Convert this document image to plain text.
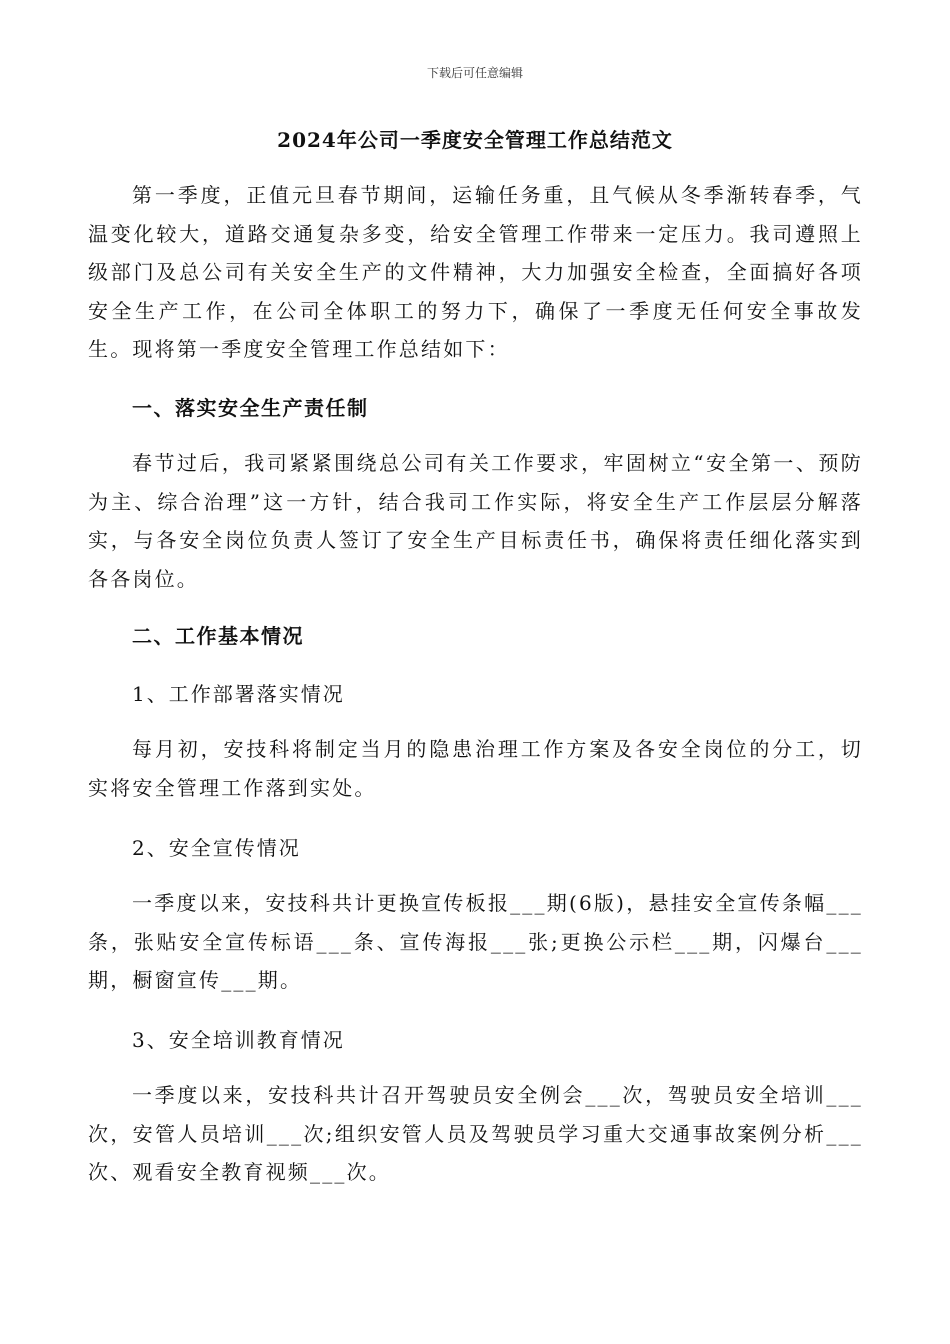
下载后可任意编辑
2024年公司一季度安全管理工作总结范文

第一季度，正值元旦春节期间，运输任务重，且气候从冬季渐转春季，气温变化较大，道路交通复杂多变，给安全管理工作带来一定压力。我司遵照上级部门及总公司有关安全生产的文件精神，大力加强安全检查，全面搞好各项安全生产工作，在公司全体职工的努力下，确保了一季度无任何安全事故发生。现将第一季度安全管理工作总结如下：

一、落实安全生产责任制

春节过后，我司紧紧围绕总公司有关工作要求，牢固树立“安全第一、预防为主、综合治理”这一方针，结合我司工作实际，将安全生产工作层层分解落实，与各安全岗位负责人签订了安全生产目标责任书，确保将责任细化落实到各各岗位。

二、工作基本情况

1、工作部署落实情况

每月初，安技科将制定当月的隐患治理工作方案及各安全岗位的分工，切实将安全管理工作落到实处。

2、安全宣传情况

一季度以来，安技科共计更换宣传板报___期(6版)，悬挂安全宣传条幅___条，张贴安全宣传标语___条、宣传海报___张;更换公示栏___期，闪爆台___期，橱窗宣传___期。

3、安全培训教育情况

一季度以来，安技科共计召开驾驶员安全例会___次，驾驶员安全培训___次，安管人员培训___次;组织安管人员及驾驶员学习重大交通事故案例分析___次、观看安全教育视频___次。
